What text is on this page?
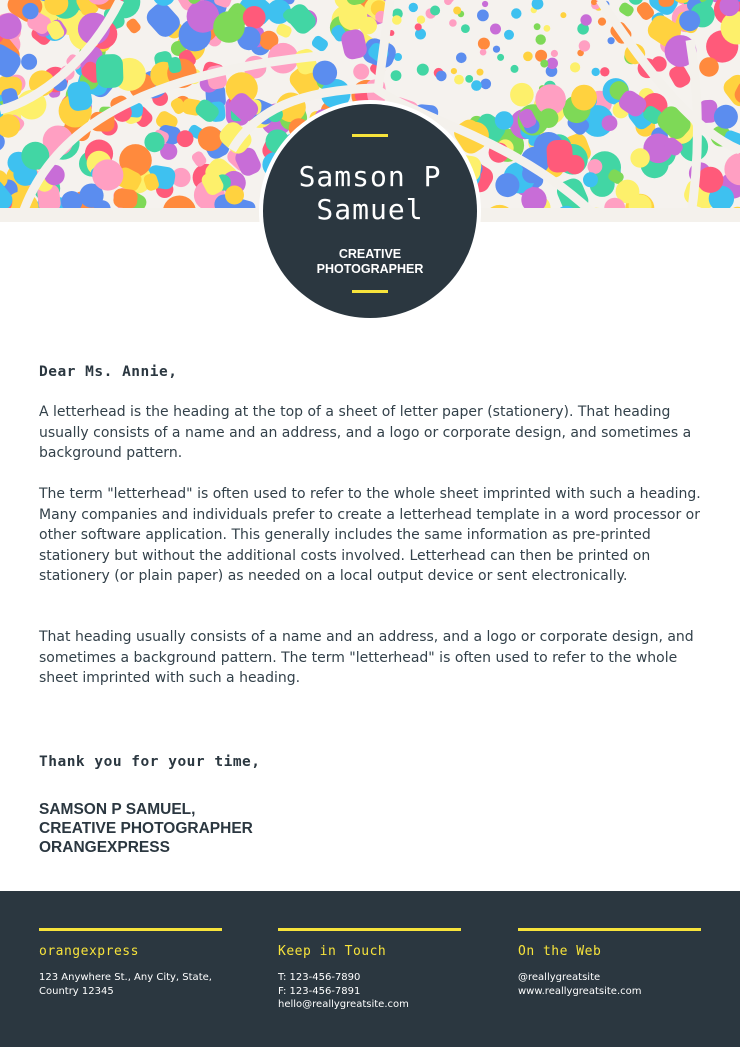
Samson P
Samuel
CREATIVE
PHOTOGRAPHER
Dear Ms. Annie,

A letterhead is the heading at the top of a sheet of letter paper (stationery). That heading usually consists of a name and an address, and a logo or corporate design, and sometimes a background pattern.

The term "letterhead" is often used to refer to the whole sheet imprinted with such a heading. Many companies and individuals prefer to create a letterhead template in a word processor or other software application. This generally includes the same information as pre-printed stationery but without the additional costs involved. Letterhead can then be printed on stationery (or plain paper) as needed on a local output device or sent electronically.

That heading usually consists of a name and an address, and a logo or corporate design, and sometimes a background pattern. The term "letterhead" is often used to refer to the whole sheet imprinted with such a heading.

Thank you for your time,
SAMSON P SAMUEL,
CREATIVE PHOTOGRAPHER
ORANGEXPRESS
orangexpress
123 Anywhere St., Any City, State,
Country 12345
Keep in Touch
T: 123-456-7890
F: 123-456-7891
hello@reallygreatsite.com
On the Web
@reallygreatsite
www.reallygreatsite.com
